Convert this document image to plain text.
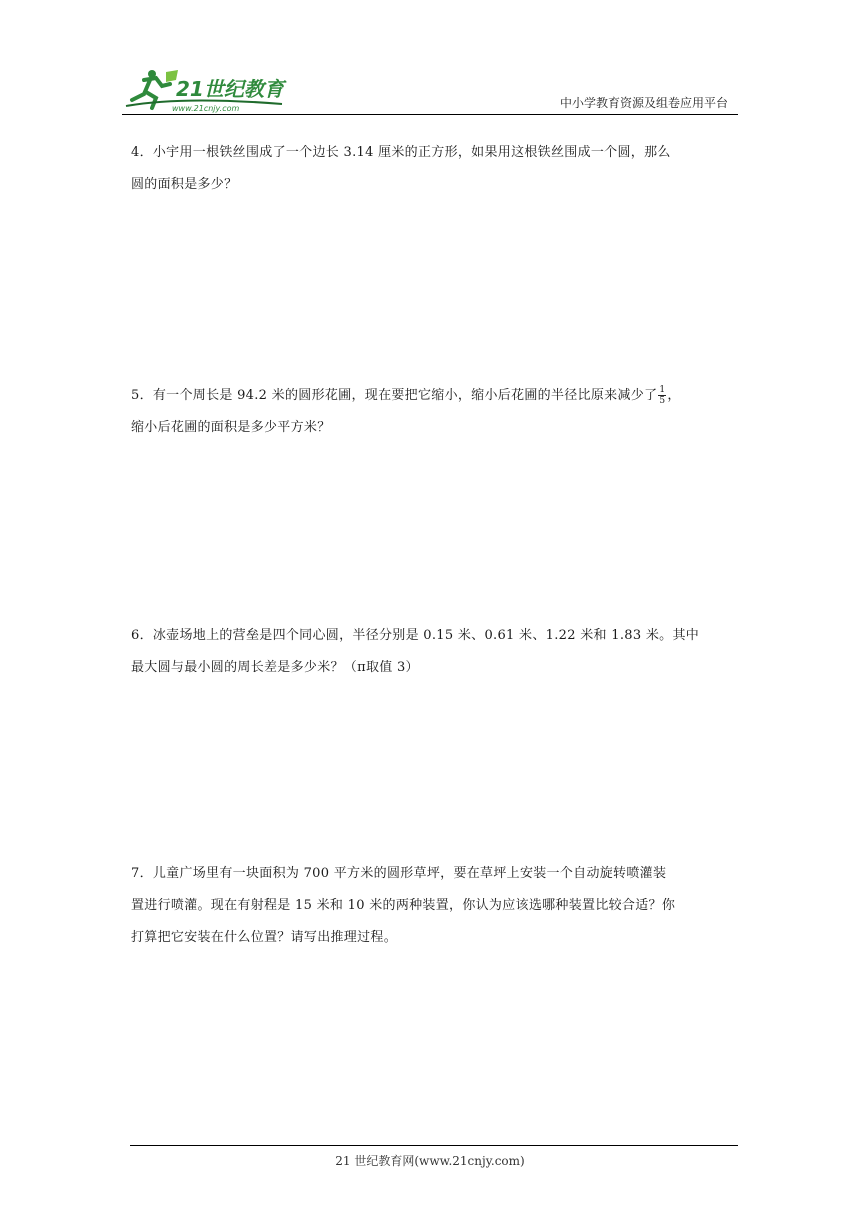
21世纪教育
www.21cnjy.com	中小学教育资源及组卷应用平台

4．小宇用一根铁丝围成了一个边长 3.14 厘米的正方形，如果用这根铁丝围成一个圆，那么

圆的面积是多少？

5．有一个周长是 94.2 米的圆形花圃，现在要把它缩小，缩小后花圃的半径比原来减少了 $\frac{1}{5}$ ，

缩小后花圃的面积是多少平方米？

6．冰壶场地上的营垒是四个同心圆，半径分别是 0.15 米、0.61 米、1.22 米和 1.83 米。其中

最大圆与最小圆的周长差是多少米？（π取值 3）

7．儿童广场里有一块面积为 700 平方米的圆形草坪，要在草坪上安装一个自动旋转喷灌装

置进行喷灌。现在有射程是 15 米和 10 米的两种装置，你认为应该选哪种装置比较合适？你

打算把它安装在什么位置？请写出推理过程。

21 世纪教育网(www.21cnjy.com)
